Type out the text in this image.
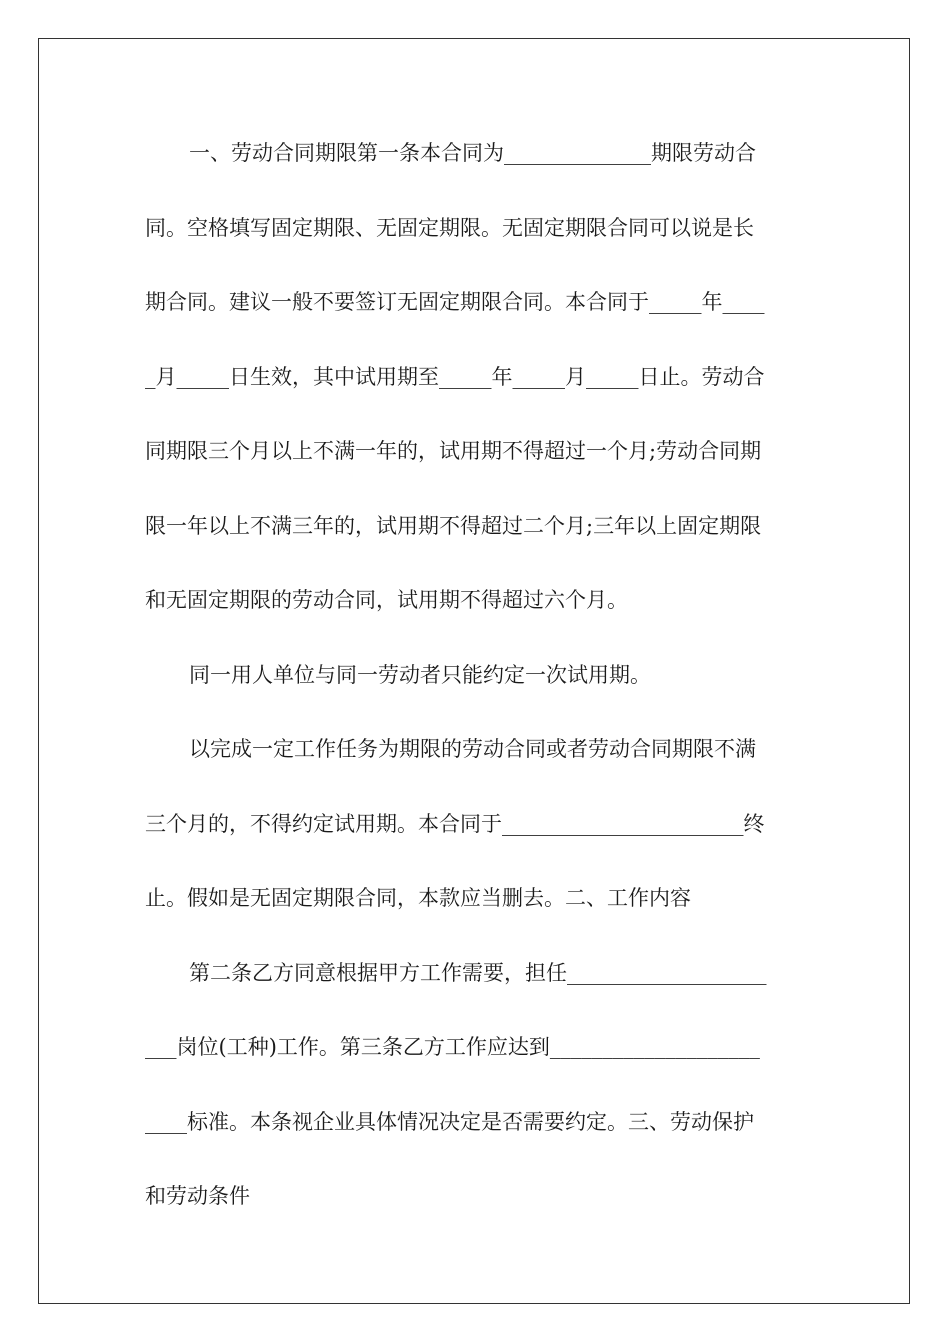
一、劳动合同期限第一条本合同为______________期限劳动合
同。空格填写固定期限、无固定期限。无固定期限合同可以说是长
期合同。建议一般不要签订无固定期限合同。本合同于_____年____
_月_____日生效，其中试用期至_____年_____月_____日止。劳动合
同期限三个月以上不满一年的，试用期不得超过一个月;劳动合同期
限一年以上不满三年的，试用期不得超过二个月;三年以上固定期限
和无固定期限的劳动合同，试用期不得超过六个月。
同一用人单位与同一劳动者只能约定一次试用期。
以完成一定工作任务为期限的劳动合同或者劳动合同期限不满
三个月的，不得约定试用期。本合同于_______________________终
止。假如是无固定期限合同，本款应当删去。二、工作内容
第二条乙方同意根据甲方工作需要，担任___________________
___岗位(工种)工作。第三条乙方工作应达到____________________
____标准。本条视企业具体情况决定是否需要约定。三、劳动保护
和劳动条件
